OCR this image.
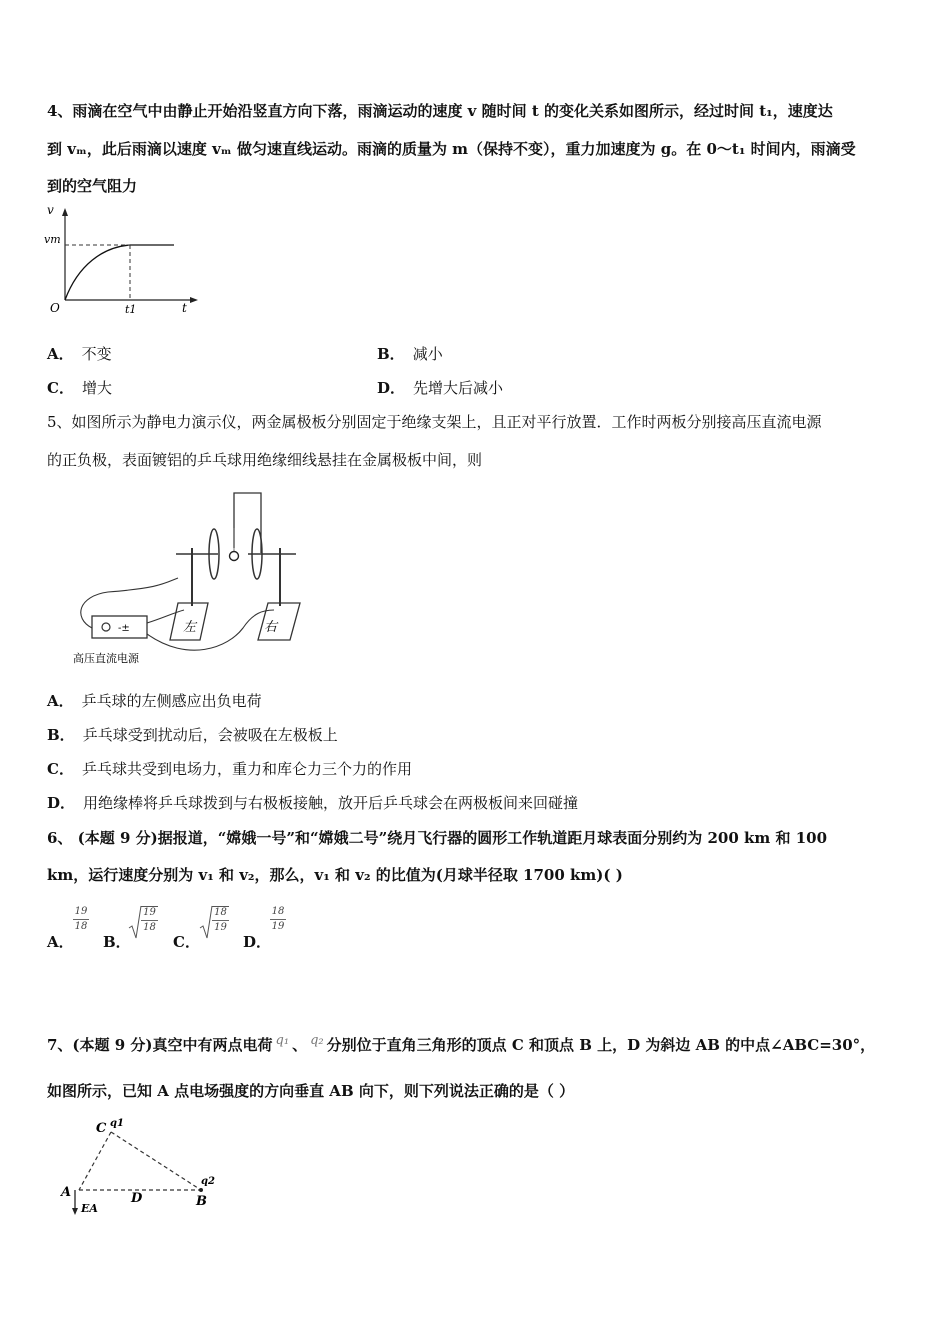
4、雨滴在空气中由静止开始沿竖直方向下落，雨滴运动的速度 v 随时间 t 的变化关系如图所示，经过时间 t₁，速度达
到 vₘ，此后雨滴以速度 vₘ 做匀速直线运动。雨滴的质量为 m（保持不变），重力加速度为 g。在 0～t₁ 时间内，雨滴受
到的空气阻力
v
vm
O	t1	t
A． 不变	B． 减小
C． 增大	D． 先增大后减小
5、如图所示为静电力演示仪，两金属极板分别固定于绝缘支架上，且正对平行放置．工作时两板分别接高压直流电源
的正负极，表面镀铝的乒乓球用绝缘细线悬挂在金属极板中间，则
-±	左	右
高压直流电源
A． 乒乓球的左侧感应出负电荷
B． 乒乓球受到扰动后，会被吸在左极板上
C． 乒乓球共受到电场力，重力和库仑力三个力的作用
D． 用绝缘棒将乒乓球拨到与右极板接触，放开后乒乓球会在两极板间来回碰撞
6、 (本题 9 分)据报道，“嫦娥一号”和“嫦娥二号”绕月飞行器的圆形工作轨道距月球表面分别约为 200 km 和 100
km，运行速度分别为 v₁ 和 v₂，那么，v₁ 和 v₂ 的比值为(月球半径取 1700 km)( )
A．
19
18
B．
19
18
C．
18
19
D．
18
19
7、(本题 9 分)真空中有两点电荷 q₁ 、 q₂ 分别位于直角三角形的顶点 C 和顶点 B 上，D 为斜边 AB 的中点∠ABC=30°，
如图所示，已知 A 点电场强度的方向垂直 AB 向下，则下列说法正确的是（ ）
C q1
q2
A	D	B
EA
